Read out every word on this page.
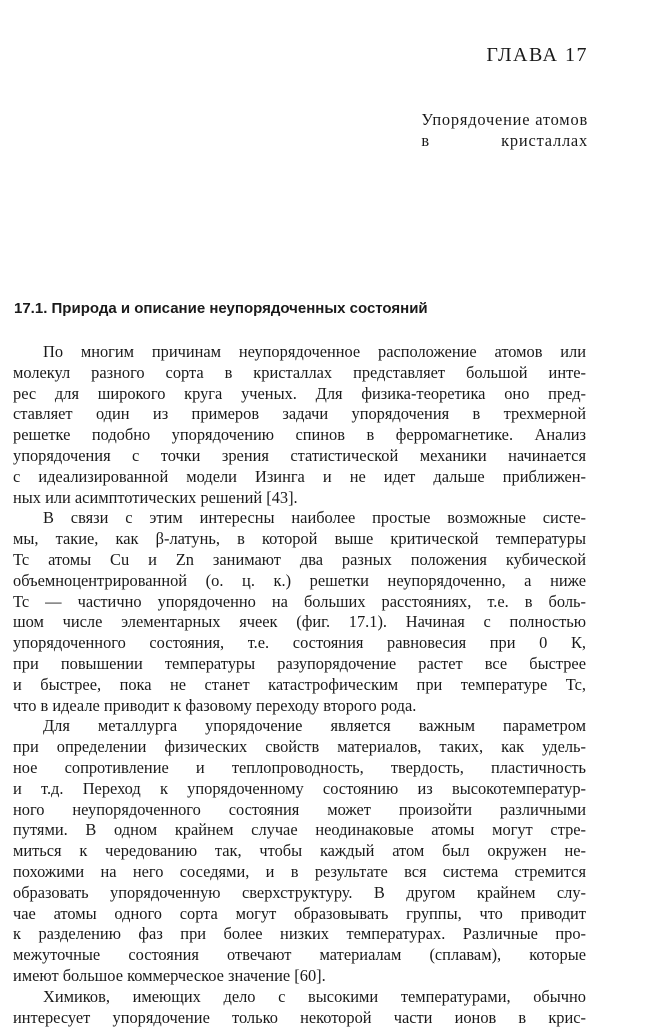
ГЛАВА 17
Упорядочение атомов
в кристаллах
17.1. Природа и описание неупорядоченных состояний

По многим причинам неупорядоченное расположение атомов или
молекул разного сорта в кристаллах представляет большой инте-
рес для широкого круга ученых. Для физика-теоретика оно пред-
ставляет один из примеров задачи упорядочения в трехмерной
решетке подобно упорядочению спинов в ферромагнетике. Анализ
упорядочения с точки зрения статистической механики начинается
с идеализированной модели Изинга и не идет дальше приближен-
ных или асимптотических решений [43].

В связи с этим интересны наиболее простые возможные систе-
мы, такие, как β-латунь, в которой выше критической температуры
Tc атомы Cu и Zn занимают два разных положения кубической
объемноцентрированной (о. ц. к.) решетки неупорядоченно, а ниже
Tc — частично упорядоченно на больших расстояниях, т.е. в боль-
шом числе элементарных ячеек (фиг. 17.1). Начиная с полностью
упорядоченного состояния, т.е. состояния равновесия при 0 К,
при повышении температуры разупорядочение растет все быстрее
и быстрее, пока не станет катастрофическим при температуре Tc,
что в идеале приводит к фазовому переходу второго рода.

Для металлурга упорядочение является важным параметром
при определении физических свойств материалов, таких, как удель-
ное сопротивление и теплопроводность, твердость, пластичность
и т.д. Переход к упорядоченному состоянию из высокотемператур-
ного неупорядоченного состояния может произойти различными
путями. В одном крайнем случае неодинаковые атомы могут стре-
миться к чередованию так, чтобы каждый атом был окружен не-
похожими на него соседями, и в результате вся система стремится
образовать упорядоченную сверхструктуру. В другом крайнем слу-
чае атомы одного сорта могут образовывать группы, что приводит
к разделению фаз при более низких температурах. Различные про-
межуточные состояния отвечают материалам (сплавам), которые
имеют большое коммерческое значение [60].

Химиков, имеющих дело с высокими температурами, обычно
интересует упорядочение только некоторой части ионов в крис-
